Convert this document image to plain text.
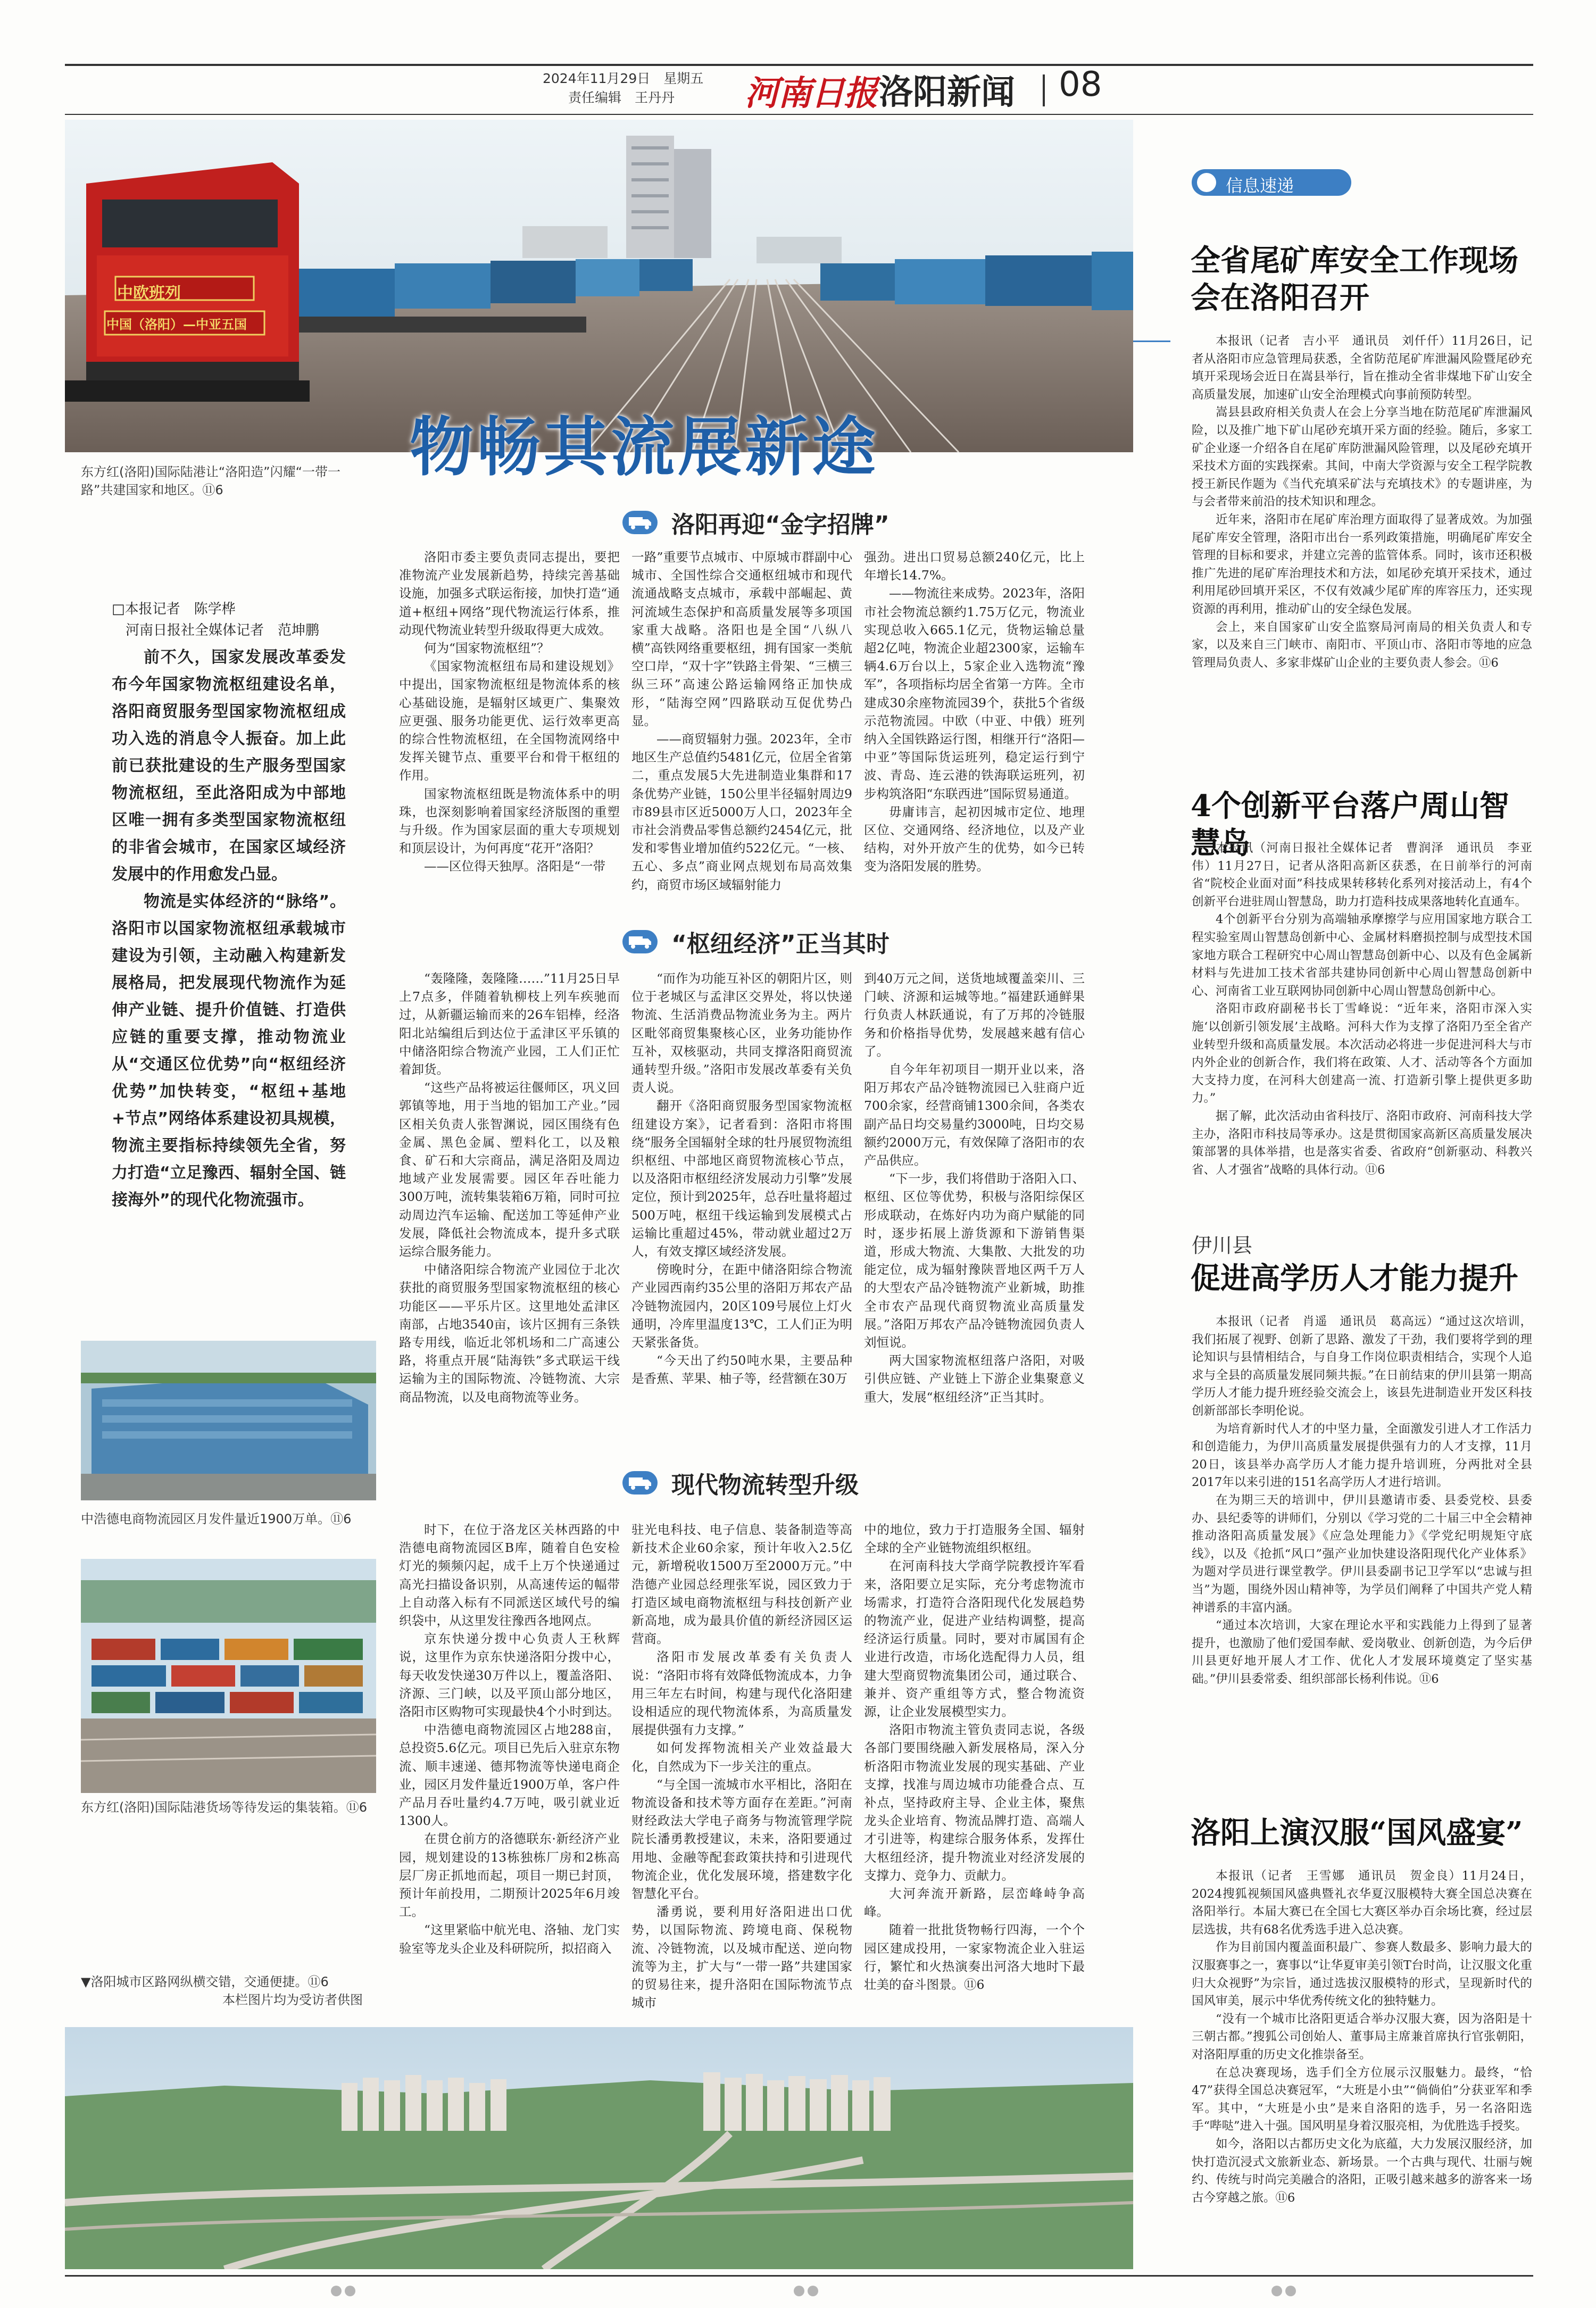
2024年11月29日　星期五
责任编辑　王丹丹 河南日报 洛阳新闻 08
中欧班列
中国（洛阳）—中亚五国
物畅其流展新途
东方红(洛阳)国际陆港让“洛阳造”闪耀“一带一路”共建国家和地区。⑪6
□本报记者　陈学桦
　河南日报社全媒体记者　范坤鹏

前不久，国家发展改革委发布今年国家物流枢纽建设名单，洛阳商贸服务型国家物流枢纽成功入选的消息令人振奋。加上此前已获批建设的生产服务型国家物流枢纽，至此洛阳成为中部地区唯一拥有多类型国家物流枢纽的非省会城市，在国家区域经济发展中的作用愈发凸显。

物流是实体经济的“脉络”。洛阳市以国家物流枢纽承载城市建设为引领，主动融入构建新发展格局，把发展现代物流作为延伸产业链、提升价值链、打造供应链的重要支撑，推动物流业从“交通区位优势”向“枢纽经济优势”加快转变，“枢纽+基地+节点”网络体系建设初具规模，物流主要指标持续领先全省，努力打造“立足豫西、辐射全国、链接海外”的现代化物流强市。

中浩德电商物流园区月发件量近1900万单。⑪6
东方红(洛阳)国际陆港货场等待发运的集装箱。⑪6
▼洛阳城市区路网纵横交错，交通便捷。⑪6
本栏图片均为受访者供图
洛阳再迎“金字招牌”

洛阳市委主要负责同志提出，要把准物流产业发展新趋势，持续完善基础设施，加强多式联运衔接，加快打造“通道+枢纽+网络”现代物流运行体系，推动现代物流业转型升级取得更大成效。

何为“国家物流枢纽”？

《国家物流枢纽布局和建设规划》中提出，国家物流枢纽是物流体系的核心基础设施，是辐射区域更广、集聚效应更强、服务功能更优、运行效率更高的综合性物流枢纽，在全国物流网络中发挥关键节点、重要平台和骨干枢纽的作用。

国家物流枢纽既是物流体系中的明珠，也深刻影响着国家经济版图的重塑与升级。作为国家层面的重大专项规划和顶层设计，为何再度“花开”洛阳？

——区位得天独厚。洛阳是“一带

一路”重要节点城市、中原城市群副中心城市、全国性综合交通枢纽城市和现代流通战略支点城市，承载中部崛起、黄河流域生态保护和高质量发展等多项国家重大战略。洛阳也是全国“八纵八横”高铁网络重要枢纽，拥有国家一类航空口岸，“双十字”铁路主骨架、“三横三纵三环”高速公路运输网络正加快成形，“陆海空网”四路联动互促优势凸显。

——商贸辐射力强。2023年，全市地区生产总值约5481亿元，位居全省第二，重点发展5大先进制造业集群和17条优势产业链，150公里半径辐射周边9市89县市区近5000万人口，2023年全市社会消费品零售总额约2454亿元，批发和零售业增加值约522亿元。“一核、五心、多点”商业网点规划布局高效集约，商贸市场区域辐射能力

强劲。进出口贸易总额240亿元，比上年增长14.7%。

——物流往来成势。2023年，洛阳市社会物流总额约1.75万亿元，物流业实现总收入665.1亿元，货物运输总量超2亿吨，物流企业超2300家，运输车辆4.6万台以上，5家企业入选物流“豫军”，各项指标均居全省第一方阵。全市建成30余座物流园39个，获批5个省级示范物流园。中欧（中亚、中俄）班列纳入全国铁路运行图，相继开行“洛阳—中亚”等国际货运班列，稳定运行到宁波、青岛、连云港的铁海联运班列，初步构筑洛阳“东联西进”国际贸易通道。

毋庸讳言，起初因城市定位、地理区位、交通网络、经济地位，以及产业结构，对外开放产生的优势，如今已转变为洛阳发展的胜势。

“枢纽经济”正当其时

“轰隆隆，轰隆隆……”11月25日早上7点多，伴随着轨柳枝上列车疾驰而过，从新疆运输而来的26车铝棒，经洛阳北站编组后到达位于孟津区平乐镇的中储洛阳综合物流产业园，工人们正忙着卸货。

“这些产品将被运往偃师区，巩义回郭镇等地，用于当地的铝加工产业。”园区相关负责人张智渊说，园区围绕有色金属、黑色金属、塑料化工，以及粮食、矿石和大宗商品，满足洛阳及周边地域产业发展需要。园区年吞吐能力300万吨，流转集装箱6万箱，同时可拉动周边汽车运输、配送加工等延伸产业发展，降低社会物流成本，提升多式联运综合服务能力。

中储洛阳综合物流产业园位于北次获批的商贸服务型国家物流枢纽的核心功能区——平乐片区。这里地处孟津区南部，占地3540亩，该片区拥有三条铁路专用线，临近北邻机场和二广高速公路，将重点开展“陆海铁”多式联运干线运输为主的国际物流、冷链物流、大宗商品物流，以及电商物流等业务。

“而作为功能互补区的朝阳片区，则位于老城区与孟津区交界处，将以快递物流、生活消费品物流业务为主。两片区毗邻商贸集聚核心区，业务功能协作互补，双核驱动，共同支撑洛阳商贸流通转型升级。”洛阳市发展改革委有关负责人说。

翻开《洛阳商贸服务型国家物流枢纽建设方案》，记者看到：洛阳市将围绕“服务全国辐射全球的牡丹展贸物流组织枢纽、中部地区商贸物流核心节点，以及洛阳市枢纽经济发展动力引擎”发展定位，预计到2025年，总吞吐量将超过500万吨，枢纽干线运输到发展模式占运输比重超过45%，带动就业超过2万人，有效支撑区域经济发展。

傍晚时分，在距中储洛阳综合物流产业园西南约35公里的洛阳万邦农产品冷链物流园内，20区109号展位上灯火通明，冷库里温度13℃，工人们正为明天紧张备货。

“今天出了约50吨水果，主要品种是香蕉、苹果、柚子等，经营额在30万

到40万元之间，送货地域覆盖栾川、三门峡、济源和运城等地。”福建跃通鲜果行负责人林跃通说，有了万邦的冷链服务和价格指导优势，发展越来越有信心了。

自今年年初项目一期开业以来，洛阳万邦农产品冷链物流园已入驻商户近700余家，经营商铺1300余间，各类农副产品日均交易量约3000吨，日均交易额约2000万元，有效保障了洛阳市的农产品供应。

“下一步，我们将借助于洛阳入口、枢纽、区位等优势，积极与洛阳综保区形成联动，在炼好内功为商户赋能的同时，逐步拓展上游货源和下游销售渠道，形成大物流、大集散、大批发的功能定位，成为辐射豫陕晋地区两千万人的大型农产品冷链物流产业新城，助推全市农产品现代商贸物流业高质量发展。”洛阳万邦农产品冷链物流园负责人刘恒说。

两大国家物流枢纽落户洛阳，对吸引供应链、产业链上下游企业集聚意义重大，发展“枢纽经济”正当其时。

现代物流转型升级

时下，在位于洛龙区关林西路的中浩德电商物流园区B库，随着自色安检灯光的频频闪起，成千上万个快递通过高光扫描设备识别，从高速传运的幅带上自动落入标有不同派送区域代号的编织袋中，从这里发往豫西各地网点。

京东快递分拨中心负责人王秋辉说，这里作为京东快递洛阳分拨中心，每天收发快递30万件以上，覆盖洛阳、济源、三门峡，以及平顶山部分地区，洛阳市区购物可实现最快4个小时到达。

中浩德电商物流园区占地288亩，总投资5.6亿元。项目已先后入驻京东物流、顺丰速递、德邦物流等快递电商企业，园区月发件量近1900万单，客户件产品月吞吐量约4.7万吨，吸引就业近1300人。

在贯仓前方的洛德联东·新经济产业园，规划建设的13栋独栋厂房和2栋高层厂房正抓地而起，项目一期已封顶，预计年前投用，二期预计2025年6月竣工。

“这里紧临中航光电、洛轴、龙门实验室等龙头企业及科研院所，拟招商入

驻光电科技、电子信息、装备制造等高新技术企业60余家，预计年收入2.5亿元，新增税收1500万至2000万元。”中浩德产业园总经理张军说，园区致力于打造区域电商物流枢纽与科技创新产业新高地，成为最具价值的新经济园区运营商。

洛阳市发展改革委有关负责人说：“洛阳市将有效降低物流成本，力争用三年左右时间，构建与现代化洛阳建设相适应的现代物流体系，为高质量发展提供强有力支撑。”

如何发挥物流相关产业效益最大化，自然成为下一步关注的重点。

“与全国一流城市水平相比，洛阳在物流设备和技术等方面存在差距。”河南财经政法大学电子商务与物流管理学院院长潘勇教授建议，未来，洛阳要通过用地、金融等配套政策扶持和引进现代物流企业，优化发展环境，搭建数字化智慧化平台。

潘勇说，要利用好洛阳进出口优势，以国际物流、跨境电商、保税物流、冷链物流，以及城市配送、逆向物流等为主，扩大与“一带一路”共建国家的贸易往来，提升洛阳在国际物流节点城市

中的地位，致力于打造服务全国、辐射全球的全产业链物流组织枢纽。

在河南科技大学商学院教授许军看来，洛阳要立足实际，充分考虑物流市场需求，打造符合洛阳现代化发展趋势的物流产业，促进产业结构调整，提高经济运行质量。同时，要对市属国有企业进行改造，市场化选配得力人员，组建大型商贸物流集团公司，通过联合、兼并、资产重组等方式，整合物流资源，让企业发展模型实力。

洛阳市物流主管负责同志说，各级各部门要围绕融入新发展格局，深入分析洛阳市物流业发展的现实基础、产业支撑，找准与周边城市功能叠合点、互补点，坚持政府主导、企业主体，聚焦龙头企业培育、物流品牌打造、高端人才引进等，构建综合服务体系，发挥仕大枢纽经济，提升物流业对经济发展的支撑力、竞争力、贡献力。

大河奔流开新路，层峦峰峙争高峰。

随着一批批货物畅行四海，一个个园区建成投用，一家家物流企业入驻运行，繁忙和火热演奏出河洛大地时下最壮美的奋斗图景。⑪6

信息速递
全省尾矿库安全工作现场会在洛阳召开

本报讯（记者　吉小平　通讯员　刘仟仟）11月26日，记者从洛阳市应急管理局获悉，全省防范尾矿库泄漏风险暨尾砂充填开采现场会近日在嵩县举行，旨在推动全省非煤地下矿山安全高质量发展，加速矿山安全治理模式向事前预防转型。

嵩县县政府相关负责人在会上分享当地在防范尾矿库泄漏风险，以及推广地下矿山尾砂充填开采方面的经验。随后，多家工矿企业逐一介绍各自在尾矿库防泄漏风险管理，以及尾砂充填开采技术方面的实践探索。其间，中南大学资源与安全工程学院教授王新民作题为《当代充填采矿法与充填技术》的专题讲座，为与会者带来前沿的技术知识和理念。

近年来，洛阳市在尾矿库治理方面取得了显著成效。为加强尾矿库安全管理，洛阳市出台一系列政策措施，明确尾矿库安全管理的目标和要求，并建立完善的监管体系。同时，该市还积极推广先进的尾矿库治理技术和方法，如尾砂充填开采技术，通过利用尾砂回填开采区，不仅有效减少尾矿库的库容压力，还实现资源的再利用，推动矿山的安全绿色发展。

会上，来自国家矿山安全监察局河南局的相关负责人和专家，以及来自三门峡市、南阳市、平顶山市、洛阳市等地的应急管理局负责人、多家非煤矿山企业的主要负责人参会。⑪6

4个创新平台落户周山智慧岛

本报讯（河南日报社全媒体记者　曹润泽　通讯员　李亚伟）11月27日，记者从洛阳高新区获悉，在日前举行的河南省“院校企业面对面”科技成果转移转化系列对接活动上，有4个创新平台进驻周山智慧岛，助力打造科技成果落地转化直通车。

4个创新平台分别为高端轴承摩擦学与应用国家地方联合工程实验室周山智慧岛创新中心、金属材料磨损控制与成型技术国家地方联合工程研究中心周山智慧岛创新中心、以及有色金属新材料与先进加工技术省部共建协同创新中心周山智慧岛创新中心、河南省工业互联网协同创新中心周山智慧岛创新中心。

洛阳市政府副秘书长丁雪峰说：“近年来，洛阳市深入实施‘以创新引领发展’主战略。河科大作为支撑了洛阳乃至全省产业转型升级和高质量发展。本次活动必将进一步促进河科大与市内外企业的创新合作，我们将在政策、人才、活动等各个方面加大支持力度，在河科大创建高一流、打造新引擎上提供更多助力。”

据了解，此次活动由省科技厅、洛阳市政府、河南科技大学主办，洛阳市科技局等承办。这是贯彻国家高新区高质量发展决策部署的具体举措，也是落实省委、省政府“创新驱动、科教兴省、人才强省”战略的具体行动。⑪6

伊川县
促进高学历人才能力提升

本报讯（记者　肖遥　通讯员　葛高远）“通过这次培训，我们拓展了视野、创新了思路、激发了干劲，我们要将学到的理论知识与县情相结合，与自身工作岗位职责相结合，实现个人追求与全县的高质量发展同频共振。”在日前结束的伊川县第一期高学历人才能力提升班经验交流会上，该县先进制造业开发区科技创新部部长李明伦说。

为培育新时代人才的中坚力量，全面激发引进人才工作活力和创造能力，为伊川高质量发展提供强有力的人才支撑，11月20日，该县举办高学历人才能力提升培训班，分两批对全县2017年以来引进的151名高学历人才进行培训。

在为期三天的培训中，伊川县邀请市委、县委党校、县委办、县纪委等的讲师们，分别以《学习党的二十届三中全会精神推动洛阳高质量发展》《应急处理能力》《学党纪明规矩守底线》，以及《抢抓“风口”强产业加快建设洛阳现代化产业体系》为题对学员进行课堂教学。伊川县委副书记卫学军以“忠诚与担当”为题，围绕外因山精神等，为学员们阐释了中国共产党人精神谱系的丰富内涵。

“通过本次培训，大家在理论水平和实践能力上得到了显著提升，也激励了他们爱国奉献、爱岗敬业、创新创造，为今后伊川县更好地开展人才工作、优化人才发展环境奠定了坚实基础。”伊川县委常委、组织部部长杨利伟说。⑪6

洛阳上演汉服“国风盛宴”

本报讯（记者　王雪娜　通讯员　贺金良）11月24日，2024搜狐视频国风盛典暨礼衣华夏汉服模特大赛全国总决赛在洛阳举行。本届大赛已在全国七大赛区举办百余场比赛，经过层层选拔，共有68名优秀选手进入总决赛。

作为目前国内覆盖面积最广、参赛人数最多、影响力最大的汉服赛事之一，赛事以“让华夏审美引领T台时尚，让汉服文化重归大众视野”为宗旨，通过选拔汉服模特的形式，呈现新时代的国风审美，展示中华优秀传统文化的独特魅力。

“没有一个城市比洛阳更适合举办汉服大赛，因为洛阳是十三朝古都。”搜狐公司创始人、董事局主席兼首席执行官张朝阳，对洛阳厚重的历史文化推崇备至。

在总决赛现场，选手们全方位展示汉服魅力。最终，“恰47”获得全国总决赛冠军，“大班是小虫”“倘倘伯”分获亚军和季军。其中，“大班是小虫”是来自洛阳的选手，另一名洛阳选手“哔哒”进入十强。国风明星身着汉服亮相，为优胜选手授奖。

如今，洛阳以古都历史文化为底蕴，大力发展汉服经济，加快打造沉浸式文旅新业态、新场景。一个古典与现代、壮丽与婉约、传统与时尚完美融合的洛阳，正吸引越来越多的游客来一场古今穿越之旅。⑪6
